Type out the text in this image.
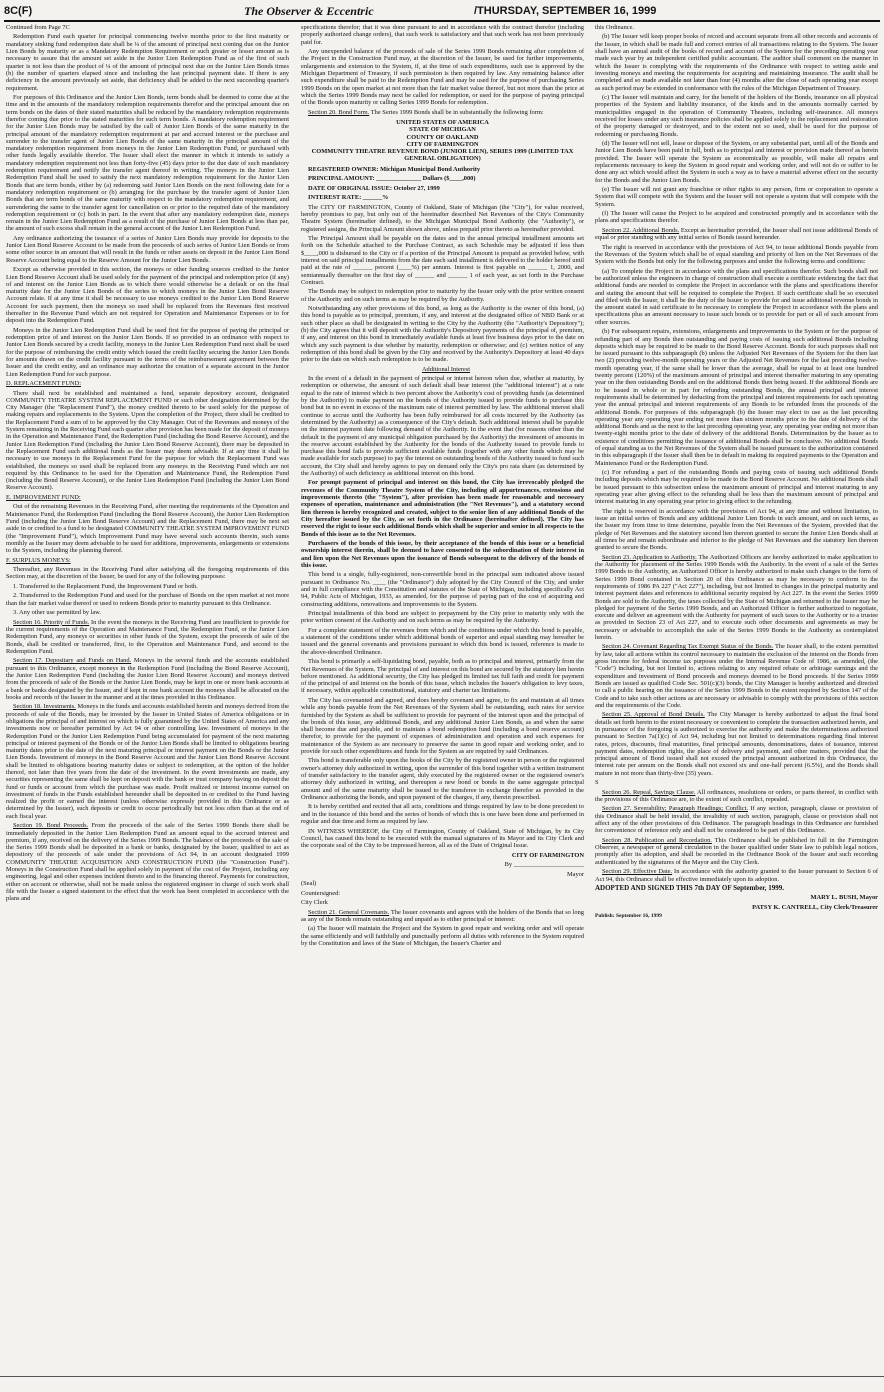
8C(F)	The Observer & Eccentric	/THURSDAY, SEPTEMBER 16, 1999

Continued from Page 7C

Redemption Fund each quarter for principal commencing twelve months prior to the first maturity or mandatory sinking fund redemption date shall be ¼ of the amount of principal next coming due on the Junior Lien Bonds by maturity or as a Mandatory Redemption Requirement or such greater or lesser amount as is necessary to assure that the amount set aside in the Junior Lien Redemption Fund as of the first of such quarter is not less than the product of ¼ of the amount of principal next due on the Junior Lien Bonds times (b) the number of quarters elapsed since and including the last principal payment date. If there is any deficiency in the amount previously set aside, that deficiency shall be added to the next succeeding quarter's requirement.

For purposes of this Ordinance and the Junior Lien Bonds, term bonds shall be deemed to come due at the time and in the amounts of the mandatory redemption requirements therefor and the principal amount due on term bonds on the dates of their stated maturities shall be reduced by the mandatory redemption requirements therefor coming due prior to the stated maturities for such term bonds. A mandatory redemption requirement for the Junior Lien Bonds may be satisfied by the call of Junior Lien Bonds of the same maturity in the principal amount of the mandatory redemption requirement at par and accrued interest or the purchase and surrender to the transfer agent of Junior Lien Bonds of the same maturity in the principal amount of the mandatory redemption requirement from moneys in the Junior Lien Redemption Fund, or purchased with other funds legally available therefor. The Issuer shall elect the manner in which it intends to satisfy a mandatory redemption requirement not less than forty-five (45) days prior to the due date of such mandatory redemption requirement and notify the transfer agent thereof in writing. The moneys in the Junior Lien Redemption Fund shall be used to satisfy the next mandatory redemption requirement for the Junior Lien Bonds that are term bonds, either by (a) redeeming said Junior Lien Bonds on the next following date for a mandatory redemption requirement or (b) arranging for the purchase by the transfer agent of Junior Lien Bonds that are term bonds of the same maturity with respect to the mandatory redemption requirement, and surrendering the same to the transfer agent for cancellation on or prior to the required date of the mandatory redemption requirement or (c) both in part. In the event that after any mandatory redemption date, moneys remain in the Junior Lien Redemption Fund as a result of the purchase of Junior Lien Bonds at less than par, the amount of such excess shall remain in the general account of the Junior Lien Redemption Fund.

Any ordinance authorizing the issuance of a series of Junior Lien Bonds may provide for deposits to the Junior Lien Bond Reserve Account to be made from the proceeds of such series of Junior Lien Bonds or from some other source in an amount that will result in the funds or other assets on deposit in the Junior Lien Bond Reserve Account being equal to the Reserve Amount for the Junior Lien Bonds.

Except as otherwise provided in this section, the moneys or other funding sources credited to the Junior Lien Bond Reserve Account shall be used solely for the payment of the principal and redemption price (if any) of and interest on the Junior Lien Bonds as to which there would otherwise be a default or on the final maturity date for the Junior Lien Bonds of the series to which moneys in the Junior Lien Bond Reserve Account relate. If at any time it shall be necessary to use moneys credited to the Junior Lien Bond Reserve Account for such payment, then the moneys so used shall be replaced from the Revenues first received thereafter in the Revenue Fund which are not required for Operation and Maintenance Expenses or to for deposit into the Redemption Fund.

Moneys in the Junior Lien Redemption Fund shall be used first for the purpose of paying the principal or redemption price of and interest on the Junior Lien Bonds. If so provided in an ordinance with respect to Junior Lien Bonds secured by a credit facility, moneys in the Junior Lien Redemption Fund next shall be used for the purpose of reimbursing the credit entity which issued the credit facility securing the Junior Lien Bonds for amounts drawn on the credit facility pursuant to the terms of the reimbursement agreement between the Issuer and the credit entity, and an ordinance may authorize the creation of a separate account in the Junior Lien Redemption Fund for such purpose.

D. REPLACEMENT FUND:

There shall next be established and maintained a fund, separate depository account, designated COMMUNITY THEATRE SYSTEM REPLACEMENT FUND or such other designation determined by the City Manager (the "Replacement Fund"), the money credited thereto to be used solely for the purpose of making repairs and replacements to the System. Upon the completion of the Project, there shall be credited to the Replacement Fund a sum of to be approved by the City Manager. Out of the Revenues and moneys of the System remaining in the Receiving Fund each quarter after provision has been made for the deposit of moneys in the Operation and Maintenance Fund, the Redemption Fund (including the Bond Reserve Account), and the Junior Lien Redemption Fund (including the Junior Lien Bond Reserve Account), there may be deposited in the Replacement Fund such additional funds as the Issuer may deem advisable. If at any time it shall be necessary to use moneys in the Replacement Fund for the purpose for which the Replacement Fund was established, the moneys so used shall be replaced from any moneys in the Receiving Fund which are not required by this Ordinance to be used for the Operation and Maintenance Fund, the Redemption Fund (including the Bond Reserve Account), or the Junior Lien Redemption Fund (including the Junior Lien Bond Reserve Account).

E. IMPROVEMENT FUND:

Out of the remaining Revenues in the Receiving Fund, after meeting the requirements of the Operation and Maintenance Fund, the Redemption Fund (including the Bond Reserve Account), the Junior Lien Redemption Fund (including the Junior Lien Bond Reserve Account) and the Replacement Fund, there may be next set aside in or credited to a fund to be designated COMMUNITY THEATRE SYSTEM IMPROVEMENT FUND (the "Improvement Fund"), which Improvement Fund may have several such accounts therein, such sums monthly as the Issuer may deem advisable to be used for additions, improvements, enlargements or extensions to the System, including the planning thereof.

F. SURPLUS MONEYS:

Thereafter, any Revenues in the Receiving Fund after satisfying all the foregoing requirements of this Section may, at the discretion of the Issuer, be used for any of the following purposes:

1. Transferred to the Replacement Fund, the Improvement Fund or both.

2. Transferred to the Redemption Fund and used for the purchase of Bonds on the open market at not more than the fair market value thereof or used to redeem Bonds prior to maturity pursuant to this Ordinance.

3. Any other use permitted by law.

Section 16. Priority of Funds. In the event the moneys in the Receiving Fund are insufficient to provide for the current requirements of the Operation and Maintenance Fund, the Redemption Fund, or the Junior Lien Redemption Fund, any moneys or securities in other funds of the System, except the proceeds of sale of the Bonds, shall be credited or transferred, first, to the Operation and Maintenance Fund, and second to the Redemption Fund.

Section 17. Depositary and Funds on Hand. Moneys in the several funds and the accounts established pursuant to this Ordinance, except moneys in the Redemption Fund (including the Bond Reserve Account), the Junior Lien Redemption Fund (including the Junior Lien Bond Reserve Account) and moneys derived from the proceeds of sale of the Bonds or the Junior Lien Bonds, may be kept in one or more bank accounts at a bank or banks designated by the Issuer, and if kept in one bank account the moneys shall be allocated on the books and records of the Issuer in the manner and at the times provided in this Ordinance.

Section 18. Investments. Moneys in the funds and accounts established herein and moneys derived from the proceeds of sale of the Bonds, may be invested by the Issuer in United States of America obligations or in obligations the principal of and interest on which is fully guaranteed by the United States of America and any investments now or hereafter permitted by Act 94 or other controlling law. Investment of moneys in the Redemption Fund or the Junior Lien Redemption Fund being accumulated for payment of the next maturing principal or interest payment of the Bonds or of the Junior Lien Bonds shall be limited to obligations bearing maturity dates prior to the date of the next maturing principal or interest payment on the Bonds or the Junior Lien Bonds. Investment of moneys in the Bond Reserve Account and the Junior Lien Bond Reserve Account shall be limited to obligations bearing maturity dates or subject to redemption, at the option of the holder thereof, not later than five years from the date of the investment. In the event investments are made, any securities representing the same shall be kept on deposit with the bank or trust company having on deposit the fund or funds or account from which the purchase was made. Profit realized or interest income earned on investment of funds in the Funds established hereunder shall be deposited in or credited to the Fund having realized the profit or earned the interest (unless otherwise expressly provided in this Ordinance or as determined by the Issuer), such deposits or credit to occur periodically but not less often than at the end of each fiscal year.

Section 19. Bond Proceeds. From the proceeds of the sale of the Series 1999 Bonds there shall be immediately deposited in the Junior Lien Redemption Fund an amount equal to the accrued interest and premium, if any, received on the delivery of the Series 1999 Bonds. The balance of the proceeds of the sale of the Series 1999 Bonds shall be deposited in a bank or banks, designated by the Issuer, qualified to act as depository of the proceeds of sale under the provisions of Act 94, in an account designated 1999 COMMUNITY THEATRE ACQUISITION AND CONSTRUCTION FUND (the "Construction Fund"). Moneys in the Construction Fund shall be applied solely in payment of the cost of the Project, including any engineering, legal and other expenses incident thereto and to the financing thereof. Payments for construction, either on account or otherwise, shall not be made unless the registered engineer in charge of such work shall file with the Issuer a signed statement to the effect that the work has been completed in accordance with the plans and

specifications therefor; that it was done pursuant to and in accordance with the contract therefor (including properly authorized change orders), that such work is satisfactory and that such work has not been previously paid for.

Any unexpended balance of the proceeds of sale of the Series 1999 Bonds remaining after completion of the Project in the Construction Fund may, at the discretion of the Issuer, be used for further improvements, enlargements and extension to the System, if, at the time of such expenditures, such use is approved by the Michigan Department of Treasury, if such permission is then required by law. Any remaining balance after such expenditure shall be paid to the Redemption Fund and may be used for the purpose of purchasing Series 1999 Bonds on the open market at not more than the fair market value thereof, but not more than the price at which the Series 1999 Bonds may next be called for redemption, or used for the purpose of paying principal of the Bonds upon maturity or calling Series 1999 Bonds for redemption.

Section 20. Bond Form. The Series 1999 Bonds shall be in substantially the following form:

UNITED STATES OF AMERICA
STATE OF MICHIGAN
COUNTY OF OAKLAND
CITY OF FARMINGTON
COMMUNITY THEATRE REVENUE BOND (JUNIOR LIEN), SERIES 1999 (LIMITED TAX GENERAL OBLIGATION)

REGISTERED OWNER: Michigan Municipal Bond Authority

PRINCIPAL AMOUNT: ______________ Dollars ($____,000)

DATE OF ORIGINAL ISSUE: October 27, 1999

INTEREST RATE: ______%

The CITY OF FARMINGTON, County of Oakland, State of Michigan (the "City"), for value received, hereby promises to pay, but only out of the hereinafter described Net Revenues of the City's Community Theatre System (hereinafter defined), to the Michigan Municipal Bond Authority (the "Authority"), or registered assigns, the Principal Amount shown above, unless prepaid prior thereto as hereinafter provided.

The Principal Amount shall be payable on the dates and in the annual principal installment amounts set forth on the Schedule attached to the Purchase Contract, as such Schedule may be adjusted if less than $____,000 is disbursed to the City or if a portion of the Principal Amount is prepaid as provided below, with interest on said principal installments from the date each said installment is delivered to the holder hereof until paid at the rate of ______ percent (____%) per annum. Interest is first payable on ______ 1, 2000, and semiannually thereafter on the first day of ______ and ______ 1 of each year, as set forth in the Purchase Contract.

The Bonds may be subject to redemption prior to maturity by the Issuer only with the prior written consent of the Authority and on such terms as may be required by the Authority.

Notwithstanding any other provisions of this bond, as long as the Authority is the owner of this bond, (a) this bond is payable as to principal, premium, if any, and interest at the designated office of NBD Bank or at such other place as shall be designated in writing to the City by the Authority (the "Authority's Depository"); (b) the City agrees that it will deposit with the Authority's Depository payments of the principal of, premium, if any, and interest on this bond in immediately available funds at least five business days prior to the date on which any such payment is due whether by maturity, redemption or otherwise; and (c) written notice of any redemption of this bond shall be given by the City and received by the Authority's Depository at least 40 days prior to the date on which such redemption is to be made.

Additional Interest

In the event of a default in the payment of principal or interest hereon when due, whether at maturity, by redemption or otherwise, the amount of such default shall bear interest (the "additional interest") at a rate equal to the rate of interest which is two percent above the Authority's cost of providing funds (as determined by the Authority) to make payment on the bonds of the Authority issued to provide funds to purchase this bond but in no event in excess of the maximum rate of interest permitted by law. The additional interest shall continue to accrue until the Authority has been fully reimbursed for all costs incurred by the Authority (as determined by the Authority) as a consequence of the City's default. Such additional interest shall be payable on the interest payment date following demand of the Authority. In the event that (for reasons other than the default in the payment of any municipal obligation purchased by the Authority) the investment of amounts in the reserve account established by the Authority for the bonds of the Authority issued to provide funds to purchase this bond fails to provide sufficient available funds (together with any other funds which may be made available for such purpose) to pay the interest on outstanding bonds of the Authority issued to fund such account, the City shall and hereby agrees to pay on demand only the City's pro rata share (as determined by the Authority) of such deficiency as additional interest on this bond.

For prompt payment of principal and interest on this bond, the City has irrevocably pledged the revenues of the Community Theatre System of the City, including all appurtenances, extensions and improvements thereto (the "System"), after provision has been made for reasonable and necessary expenses of operation, maintenance and administration (the "Net Revenues"), and a statutory second lien thereon is hereby recognized and created, subject to the senior lien of any additional Bonds of the City hereafter issued by the City, as set forth in the Ordinance (hereinafter defined). The City has reserved the right to issue such additional Bonds which shall be superior and senior in all respects to the Bonds of this issue as to the Net Revenues.

Purchasers of the bonds of this issue, by their acceptance of the bonds of this issue or a beneficial ownership interest therein, shall be deemed to have consented to the subordination of their interest in and lien upon the Net Revenues upon the issuance of Bonds subsequent to the delivery of the bonds of this issue.

This bond is a single, fully-registered, non-convertible bond in the principal sum indicated above issued pursuant to Ordinance No. ____ (the "Ordinance") duly adopted by the City Council of the City, and under and in full compliance with the Constitution and statutes of the State of Michigan, including specifically Act 94, Public Acts of Michigan, 1933, as amended, for the purpose of paying part of the cost of acquiring and constructing additions, renovations and improvements to the System.

Principal installments of this bond are subject to prepayment by the City prior to maturity only with the prior written consent of the Authority and on such terms as may be required by the Authority.

For a complete statement of the revenues from which and the conditions under which this bond is payable, a statement of the conditions under which additional bonds of superior and equal standing may hereafter be issued and the general covenants and provisions pursuant to which this bond is issued, reference is made to the above-described Ordinance.

This bond is primarily a self-liquidating bond, payable, both as to principal and interest, primarily from the Net Revenues of the System. The principal of and interest on this bond are secured by the statutory lien herein before mentioned. As additional security, the City has pledged its limited tax full faith and credit for payment of the principal of and interest on the bonds of this issue, which includes the Issuer's obligation to levy taxes, if necessary, within applicable constitutional, statutory and charter tax limitations.

The City has covenanted and agreed, and does hereby covenant and agree, to fix and maintain at all times while any bonds payable from the Net Revenues of the System shall be outstanding, such rates for service furnished by the System as shall be sufficient to provide for payment of the interest upon and the principal of the bonds of this issue, any additional Bonds, and any additional Junior Lien Bonds, as and when the same shall become due and payable, and to maintain a bond redemption fund (including a bond reserve account) therefor, to provide for the payment of expenses of administration and operation and such expenses for maintenance of the System as are necessary to preserve the same in good repair and working order, and to provide for such other expenditures and funds for the System as are required by said Ordinances.

This bond is transferable only upon the books of the City by the registered owner in person or the registered owner's attorney duly authorized in writing, upon the surrender of this bond together with a written instrument of transfer satisfactory to the transfer agent, duly executed by the registered owner or the registered owner's attorney duly authorized in writing, and thereupon a new bond or bonds in the same aggregate principal amount and of the same maturity shall be issued to the transferee in exchange therefor as provided in the Ordinance authorizing the bonds, and upon payment of the charges, if any, therein prescribed.

It is hereby certified and recited that all acts, conditions and things required by law to be done precedent to and in the issuance of this bond and the series of bonds of which this is one have been done and performed in regular and due time and form as required by law.

IN WITNESS WHEREOF, the City of Farmington, County of Oakland, State of Michigan, by its City Council, has caused this bond to be executed with the manual signatures of its Mayor and its City Clerk and the corporate seal of the City to be impressed hereon, all as of the Date of Original Issue.

CITY OF FARMINGTON

By ______________________

Mayor

(Seal)

Countersigned:

City Clerk

Section 21. General Covenants. The Issuer covenants and agrees with the holders of the Bonds that so long as any of the Bonds remain outstanding and unpaid as to either principal or interest:

(a) The Issuer will maintain the Project and the System in good repair and working order and will operate the same efficiently and will faithfully and punctually perform all duties with reference to the System required by the Constitution and laws of the State of Michigan, the Issuer's Charter and

this Ordinance.

(b) The Issuer will keep proper books of record and account separate from all other records and accounts of the Issuer, in which shall be made full and correct entries of all transactions relating to the System. The Issuer shall have an annual audit of the books of record and account of the System for the preceding operating year made each year by an independent certified public accountant. The auditor shall comment on the manner in which the Issuer is complying with the requirements of the Ordinance with respect to setting aside and investing moneys and meeting the requirements for acquiring and maintaining insurance. The audit shall be completed and so made available not later than four (4) months after the close of each operating year except as such period may be extended in conformance with the rules of the Michigan Department of Treasury.

(c) The Issuer will maintain and carry, for the benefit of the holders of the Bonds, insurance on all physical properties of the System and liability insurance, of the kinds and in the amounts normally carried by municipalities engaged in the operation of Community Theatres, including self-insurance. All moneys received for losses under any such insurance policies shall be applied solely to the replacement and restoration of the property damaged or destroyed, and to the extent not so used, shall be used for the purpose of redeeming or purchasing Bonds.

(d) The Issuer will not sell, lease or dispose of the System, or any substantial part, until all of the Bonds and Junior Lien Bonds have been paid in full, both as to principal and interest or provision made thereof as herein provided. The Issuer will operate the System as economically as possible, will make all repairs and replacements necessary to keep the System in good repair and working order, and will not do or suffer to be done any act which would affect the System in such a way as to have a material adverse effect on the security for the Bonds and the Junior Lien Bonds.

(e) The Issuer will not grant any franchise or other rights to any person, firm or corporation to operate a System that will compete with the System and the Issuer will not operate a system that will compete with the System.

(f) The Issuer will cause the Project to be acquired and constructed promptly and in accordance with the plans and specifications therefor.

Section 22. Additional Bonds. Except as hereinafter provided, the Issuer shall not issue additional Bonds of equal or prior standing with any initial series of Bonds issued hereunder.

The right is reserved in accordance with the provisions of Act 94, to issue additional Bonds payable from the Revenues of the System which shall be of equal standing and priority of lien on the Net Revenues of the System with the Bonds but only for the following purposes and under the following terms and conditions:

(a) To complete the Project in accordance with the plans and specifications therefor. Such bonds shall not be authorized unless the engineers in charge of construction shall execute a certificate evidencing the fact that additional funds are needed to complete the Project in accordance with the plans and specifications therefor and stating the amount that will be required to complete the Project. If such certificate shall be so executed and filed with the Issuer, it shall be the duty of the Issuer to provide for and issue additional revenue bonds in the amount stated in said certificate to be necessary to complete the Project in accordance with the plans and specifications plus an amount necessary to issue such bonds or to provide for part or all of such amount from other sources.

(b) For subsequent repairs, extensions, enlargements and improvements to the System or for the purpose of refunding part of any Bonds then outstanding and paying costs of issuing such additional Bonds including deposits which may be required to be made to the Bond Reserve Account. Bonds for such purposes shall not be issued pursuant to this subparagraph (b) unless the Adjusted Net Revenues of the System for the then last two (2) preceding twelve-month operating years or the Adjusted Net Revenues for the last preceding twelve-month operating year, if the same shall be lower than the average, shall be equal to at least one hundred twenty percent (120%) of the maximum amount of principal and interest thereafter maturing in any operating year on the then outstanding Bonds and on the additional Bonds then being issued. If the additional Bonds are to be issued in whole or in part for refunding outstanding Bonds, the annual principal and interest requirements shall be determined by deducting from the principal and interest requirements for each operating year the annual principal and interest requirements of any Bonds to be refunded from the proceeds of the additional Bonds. For purposes of this subparagraph (b) the Issuer may elect to use as the last preceding operating year any operating year ending not more than sixteen months prior to the date of delivery of the additional Bonds and as the next to the last preceding operating year, any operating year ending not more than twenty-eight months prior to the date of delivery of the additional Bonds. Determination by the Issuer as to existence of conditions permitting the issuance of additional Bonds shall be conclusive. No additional Bonds of equal standing as to the Net Revenues of the System shall be issued pursuant to the authorization contained in this subparagraph if the Issuer shall then be in default in making its required payments to the Operation and Maintenance Fund or the Redemption Fund.

(c) For refunding a part of the outstanding Bonds and paying costs of issuing such additional Bonds including deposits which may be required to be made to the Bond Reserve Account. No additional Bonds shall be issued pursuant to this subsection unless the maximum amount of principal and interest maturing in any operating year after giving effect to the refunding shall be less than the maximum amount of principal and interest maturing in any operating year prior to giving effect to the refunding.

The right is reserved in accordance with the provisions of Act 94, at any time and without limitation, to issue an initial series of Bonds and any additional Junior Lien Bonds in such amount, and on such terms, as the Issuer my from time to time determine, payable from the Net Revenues of the System, provided that the pledge of Net Revenues and the statutory second lien thereon granted to secure the Junior Lien Bonds shall at all times be and remain subordinate and inferior to the pledge of Net Revenues and the statutory lien thereon granted to secure the Bonds.

Section 23. Application to Authority. The Authorized Officers are hereby authorized to make application to the Authority for placement of the Series 1999 Bonds with the Authority. In the event of a sale of the Series 1999 Bonds to the Authority, an Authorized Officer is hereby authorized to make such changes to the form of Series 1999 Bond contained in Section 20 of this Ordinance as may be necessary to conform to the requirements of 1986 PA 227 ("Act 227"), including, but not limited to changes in the principal maturity and interest payment dates and references to additional security required by Act 227. In the event the Series 1999 Bonds are sold to the Authority, the taxes collected by the State of Michigan and returned to the Issuer may be pledged for payment of the Series 1999 Bonds, and an Authorized Officer is further authorized to negotiate, execute and deliver an agreement with the Authority for payment of such taxes to the Authority or to a trustee as provided in Section 23 of Act 227, and to execute such other documents and agreements as may be necessary or advisable to accomplish the sale of the Series 1999 Bonds to the Authority as contemplated herein.

Section 24. Covenant Regarding Tax Exempt Status of the Bonds. The Issuer shall, to the extent permitted by law, take all actions within its control necessary to maintain the exclusion of the interest on the Bonds from gross income for federal income tax purposes under the Internal Revenue Code of 1986, as amended, (the "Code") including, but not limited to, actions relating to any required rebate or arbitrage earnings and the expenditure and investment of Bond proceeds and moneys deemed to be Bond proceeds. If the Series 1999 Bonds are issued as qualified Code Sec. 501(c)(3) bonds, the City Manager is hereby authorized and directed to call a public hearing on the issuance of the Series 1999 Bonds to the extent required by Section 147 of the Code and to take such other actions as are necessary or advisable to comply with the provisions of this section and the requirements of the Code.

Section 25. Approval of Bond Details. The City Manager is hereby authorized to adjust the final bond details set forth herein to the extent necessary or convenient to complete the transaction authorized herein, and in pursuance of the foregoing is authorized to exercise the authority and make the determinations authorized pursuant to Section 7a(1)(c) of Act 94, including but not limited to determinations regarding final interest rates, prices, discounts, final maturities, final principal amounts, denominations, dates of issuance, interest payment dates, redemption rights, the place of delivery and payment, and other matters, provided that the principal amount of Bond issued shall not exceed the principal amount authorized in this Ordinance, the interest rate per annum on the Bonds shall not exceed six and one-half percent (6.5%), and the Bonds shall mature in not more than thirty-five (35) years.

S

Section 26. Repeal, Savings Clause. All ordinances, resolutions or orders, or parts thereof, in conflict with the provisions of this Ordinance are, to the extent of such conflict, repealed.

Section 27. Severability; Paragraph Headings; Conflict. If any section, paragraph, clause or provision of this Ordinance shall be held invalid, the invalidity of such section, paragraph, clause or provision shall not affect any of the other provisions of this Ordinance. The paragraph headings in this Ordinance are furnished for convenience of reference only and shall not be considered to be part of this Ordinance.

Section 28. Publication and Recordation. This Ordinance shall be published in full in the Farmington Observer, a newspaper of general circulation in the Issuer qualified under State law to publish legal notices, promptly after its adoption, and shall be recorded in the Ordinance Book of the Issuer and such recording authenticated by the signatures of the Mayor and the City Clerk.

Section 29. Effective Date. In accordance with the authority granted to the Issuer pursuant to Section 6 of Act 94, this Ordinance shall be effective immediately upon its adoption.

ADOPTED AND SIGNED THIS 7th DAY OF September, 1999.

MARY L. BUSH, Mayor

PATSY K. CANTRELL, City Clerk/Treasurer

Publish: September 16, 1999
